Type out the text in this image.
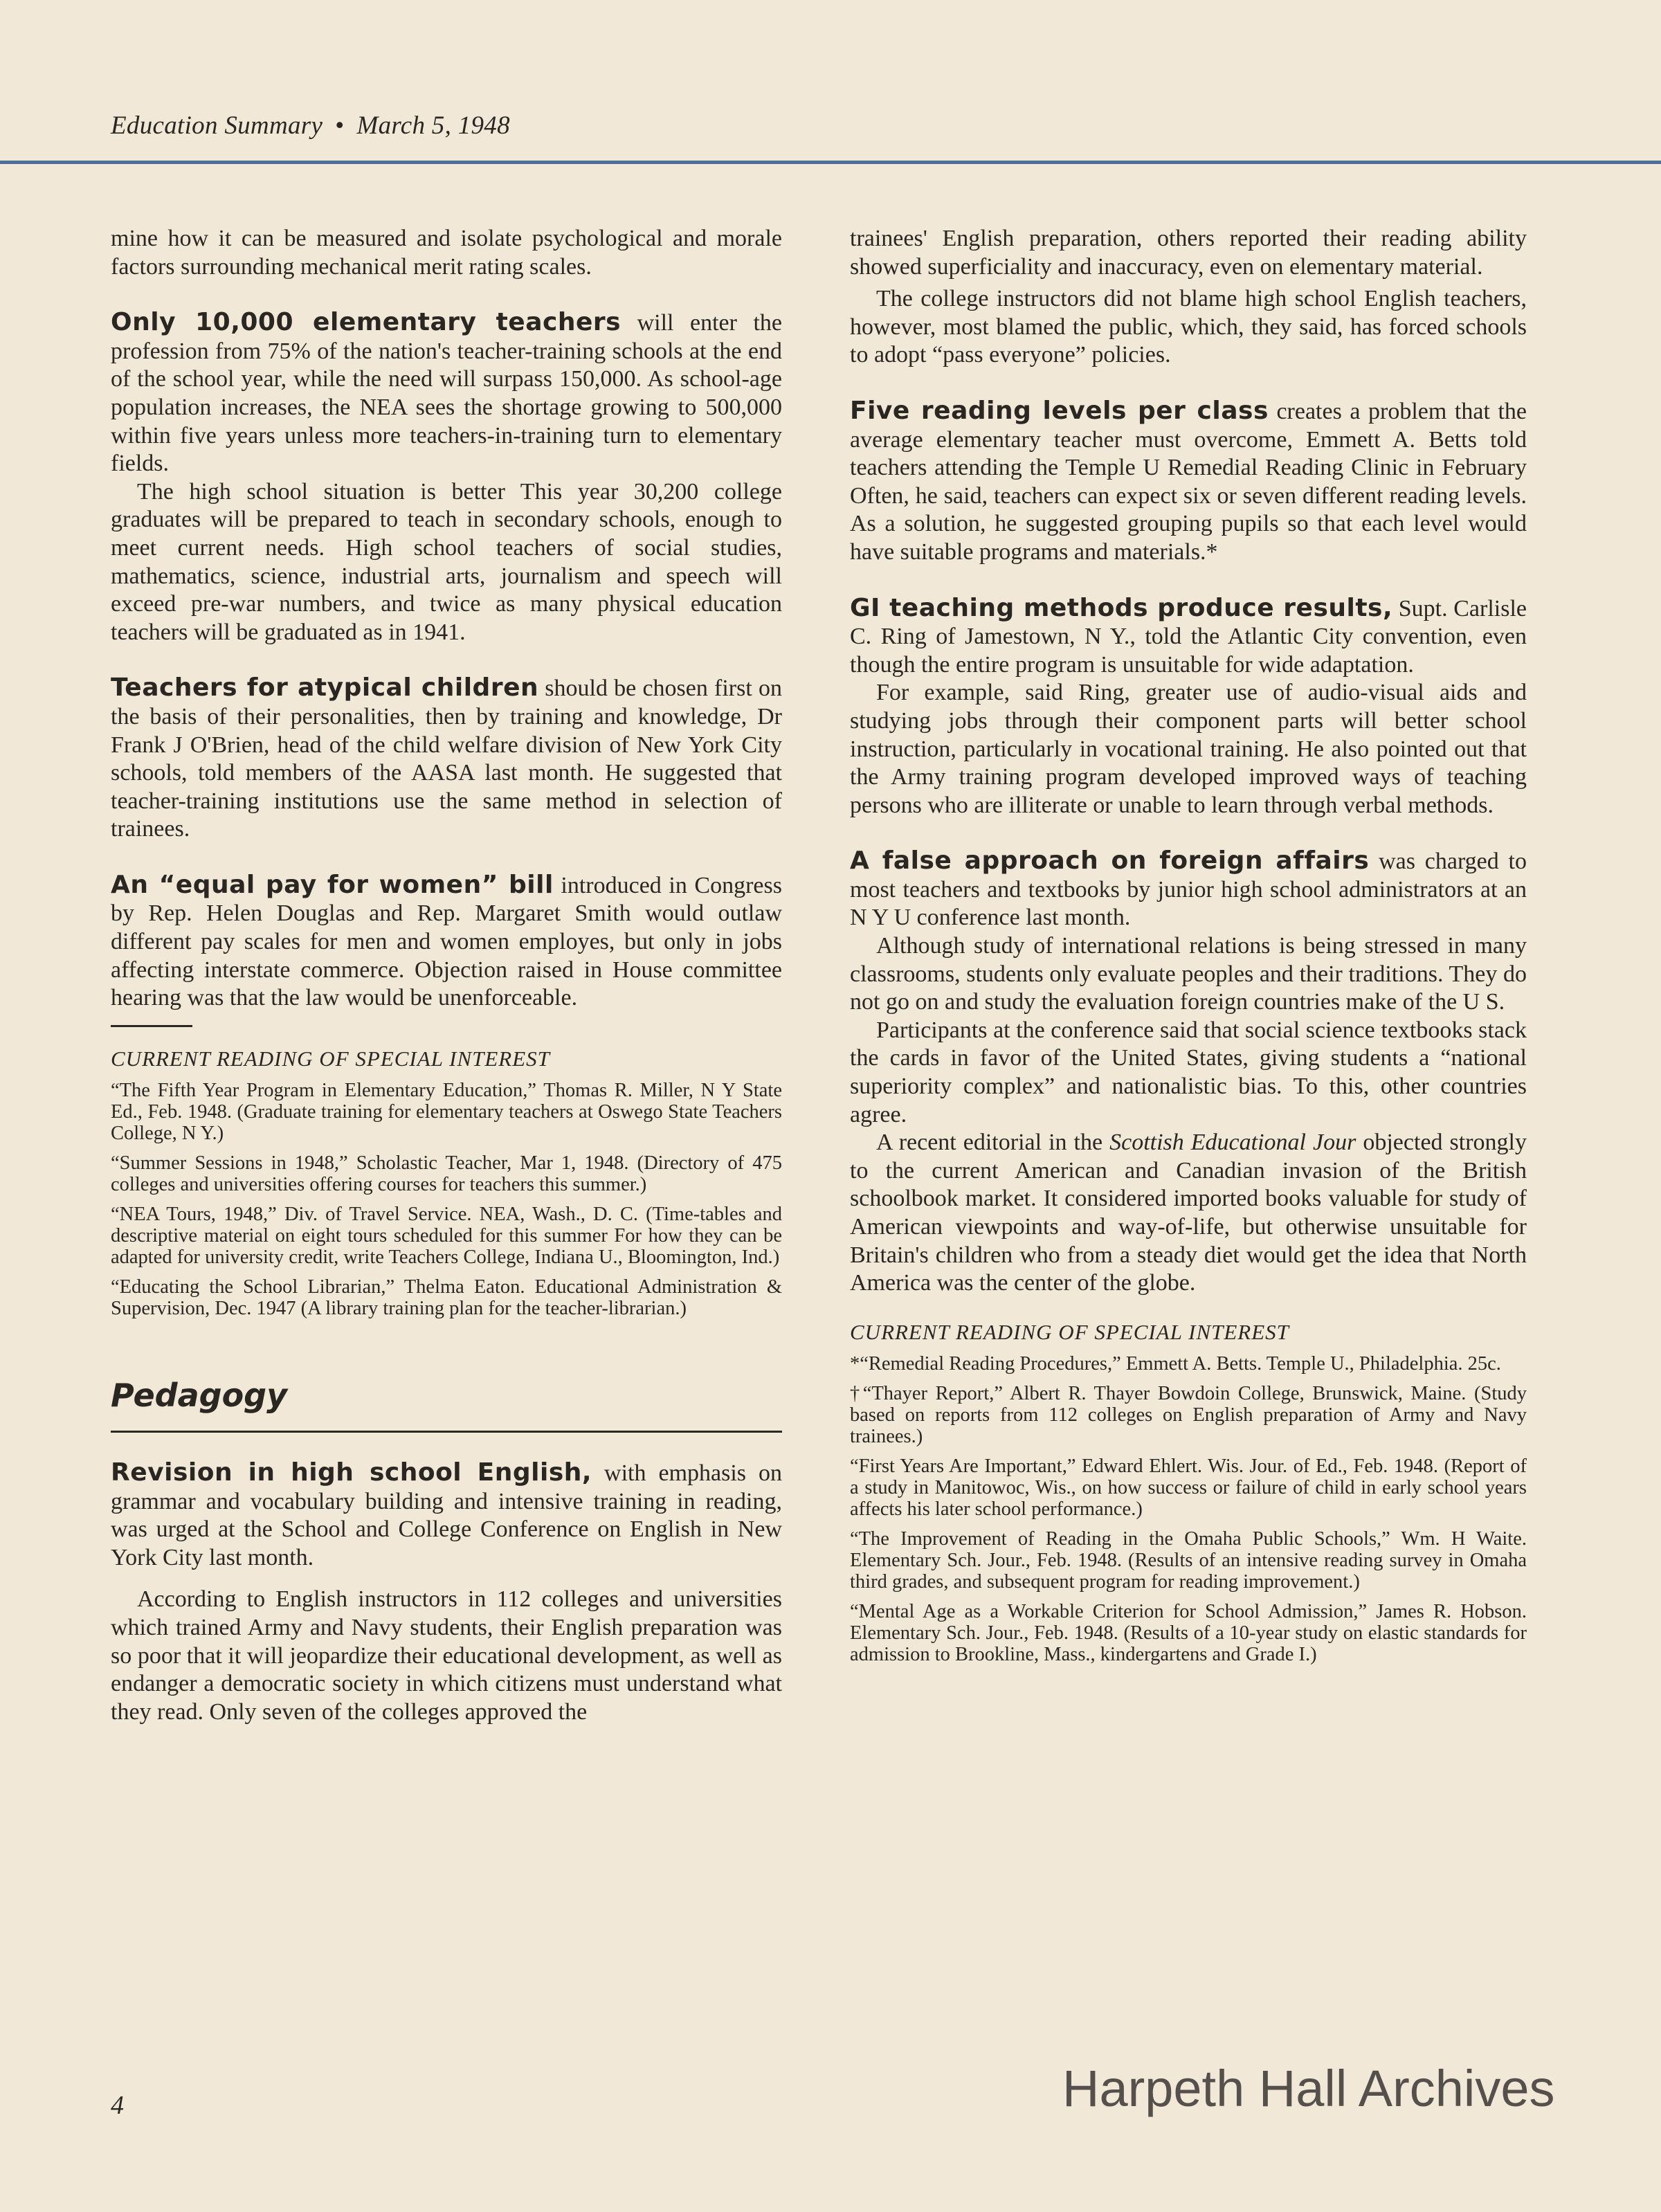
Education Summary • March 5, 1948

mine how it can be measured and isolate psychological and morale factors surrounding mechanical merit rating scales.

Only 10,000 elementary teachers will enter the profession from 75% of the nation's teacher-training schools at the end of the school year, while the need will surpass 150,000. As school-age population increases, the NEA sees the shortage growing to 500,000 within five years unless more teachers-in-training turn to elementary fields.

The high school situation is better This year 30,200 college graduates will be prepared to teach in secondary schools, enough to meet current needs. High school teachers of social studies, mathematics, science, industrial arts, journalism and speech will exceed pre-war numbers, and twice as many physical education teachers will be graduated as in 1941.

Teachers for atypical children should be chosen first on the basis of their personalities, then by training and knowledge, Dr Frank J O'Brien, head of the child welfare division of New York City schools, told members of the AASA last month. He suggested that teacher-training institutions use the same method in selection of trainees.

An “equal pay for women” bill introduced in Congress by Rep. Helen Douglas and Rep. Margaret Smith would outlaw different pay scales for men and women employes, but only in jobs affecting interstate commerce. Objection raised in House committee hearing was that the law would be unenforceable.

CURRENT READING OF SPECIAL INTEREST

“The Fifth Year Program in Elementary Education,” Thomas R. Miller, N Y State Ed., Feb. 1948. (Graduate training for elementary teachers at Oswego State Teachers College, N Y.)

“Summer Sessions in 1948,” Scholastic Teacher, Mar 1, 1948. (Directory of 475 colleges and universities offering courses for teachers this summer.)

“NEA Tours, 1948,” Div. of Travel Service. NEA, Wash., D. C. (Time-tables and descriptive material on eight tours scheduled for this summer For how they can be adapted for university credit, write Teachers College, Indiana U., Bloomington, Ind.)

“Educating the School Librarian,” Thelma Eaton. Educational Administration & Supervision, Dec. 1947 (A library training plan for the teacher-librarian.)

Pedagogy

Revision in high school English, with emphasis on grammar and vocabulary building and intensive training in reading, was urged at the School and College Conference on English in New York City last month.

According to English instructors in 112 colleges and universities which trained Army and Navy students, their English preparation was so poor that it will jeopardize their educational development, as well as endanger a democratic society in which citizens must understand what they read. Only seven of the colleges approved the

trainees' English preparation, others reported their reading ability showed superficiality and inaccuracy, even on elementary material.

The college instructors did not blame high school English teachers, however, most blamed the public, which, they said, has forced schools to adopt “pass everyone” policies.

Five reading levels per class creates a problem that the average elementary teacher must overcome, Emmett A. Betts told teachers attending the Temple U Remedial Reading Clinic in February Often, he said, teachers can expect six or seven different reading levels. As a solution, he suggested grouping pupils so that each level would have suitable programs and materials.*

GI teaching methods produce results, Supt. Carlisle C. Ring of Jamestown, N Y., told the Atlantic City convention, even though the entire program is unsuitable for wide adaptation.

For example, said Ring, greater use of audio-visual aids and studying jobs through their component parts will better school instruction, particularly in vocational training. He also pointed out that the Army training program developed improved ways of teaching persons who are illiterate or unable to learn through verbal methods.

A false approach on foreign affairs was charged to most teachers and textbooks by junior high school administrators at an N Y U conference last month.

Although study of international relations is being stressed in many classrooms, students only evaluate peoples and their traditions. They do not go on and study the evaluation foreign countries make of the U S.

Participants at the conference said that social science textbooks stack the cards in favor of the United States, giving students a “national superiority complex” and nationalistic bias. To this, other countries agree.

A recent editorial in the Scottish Educational Jour objected strongly to the current American and Canadian invasion of the British schoolbook market. It considered imported books valuable for study of American viewpoints and way-of-life, but otherwise unsuitable for Britain's children who from a steady diet would get the idea that North America was the center of the globe.

CURRENT READING OF SPECIAL INTEREST

*“Remedial Reading Procedures,” Emmett A. Betts. Temple U., Philadelphia. 25c.

†“Thayer Report,” Albert R. Thayer Bowdoin College, Brunswick, Maine. (Study based on reports from 112 colleges on English preparation of Army and Navy trainees.)

“First Years Are Important,” Edward Ehlert. Wis. Jour. of Ed., Feb. 1948. (Report of a study in Manitowoc, Wis., on how success or failure of child in early school years affects his later school performance.)

“The Improvement of Reading in the Omaha Public Schools,” Wm. H Waite. Elementary Sch. Jour., Feb. 1948. (Results of an intensive reading survey in Omaha third grades, and subsequent program for reading improvement.)

“Mental Age as a Workable Criterion for School Admission,” James R. Hobson. Elementary Sch. Jour., Feb. 1948. (Results of a 10-year study on elastic standards for admission to Brookline, Mass., kindergartens and Grade I.)

4	Harpeth Hall Archives
